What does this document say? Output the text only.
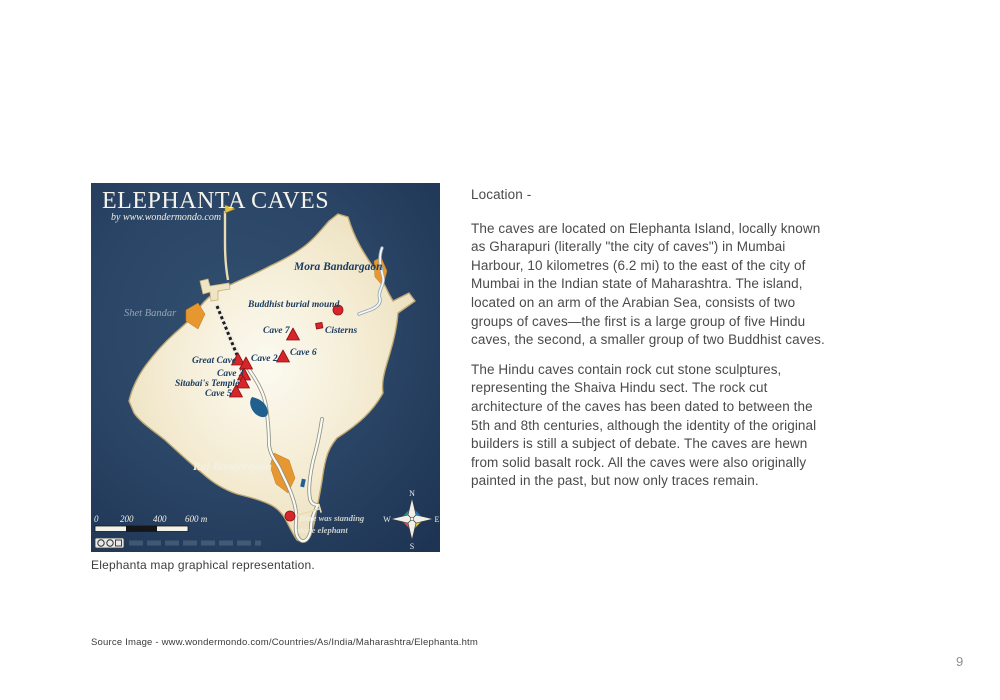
ELEPHANTA CAVES
by www.wondermondo.com
Mora Bandargaon
Shet Bandar
Buddhist burial mound
Cave 7	Cisterns
Cave 6
Great Cave Cave 2
Cave 3
Sitabai's Temple
Cave 5
Raj Bandargaon
Here was standing
stone elephant
0 200 400 600 m
N
E
S
W
Elephanta map graphical representation.
Location -

The caves are located on Elephanta Island, locally known as Gharapuri (literally "the city of caves") in Mumbai Harbour, 10 kilometres (6.2 mi) to the east of the city of Mumbai in the Indian state of Maharashtra. The island, located on an arm of the Arabian Sea, consists of two groups of caves—the first is a large group of five Hindu caves, the second, a smaller group of two Buddhist caves.

The Hindu caves contain rock cut stone sculptures, representing the Shaiva Hindu sect. The rock cut architecture of the caves has been dated to between the 5th and 8th centuries, although the identity of the original builders is still a subject of debate. The caves are hewn from solid basalt rock. All the caves were also originally painted in the past, but now only traces remain.

Source Image - www.wondermondo.com/Countries/As/India/Maharashtra/Elephanta.htm
9
